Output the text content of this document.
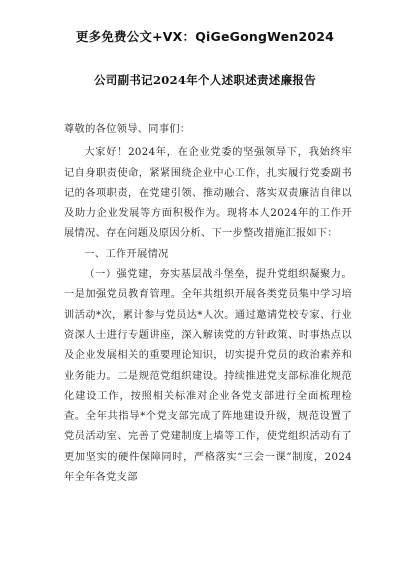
更多免费公文+VX：QiGeGongWen2024
公司副书记2024年个人述职述责述廉报告

尊敬的各位领导、同事们：

大家好！2024年，在企业党委的坚强领导下，我始终牢记自身职责使命，紧紧围绕企业中心工作，扎实履行党委副书记的各项职责，在党建引领、推动融合、落实双责廉洁自律以及助力企业发展等方面积极作为。现将本人2024年的工作开展情况、存在问题及原因分析、下一步整改措施汇报如下：

一、工作开展情况

（一）强党建，夯实基层战斗堡垒，提升党组织凝聚力。一是加强党员教育管理。全年共组织开展各类党员集中学习培训活动*次，累计参与党员达*人次。通过邀请党校专家、行业资深人士进行专题讲座，深入解读党的方针政策、时事热点以及企业发展相关的重要理论知识，切实提升党员的政治素养和业务能力。二是规范党组织建设。持续推进党支部标准化规范化建设工作，按照相关标准对企业各党支部进行全面梳理检查。全年共指导*个党支部完成了阵地建设升级，规范设置了党员活动室、完善了党建制度上墙等工作，使党组织活动有了更加坚实的硬件保障同时，严格落实“三会一课”制度，2024年全年各党支部
